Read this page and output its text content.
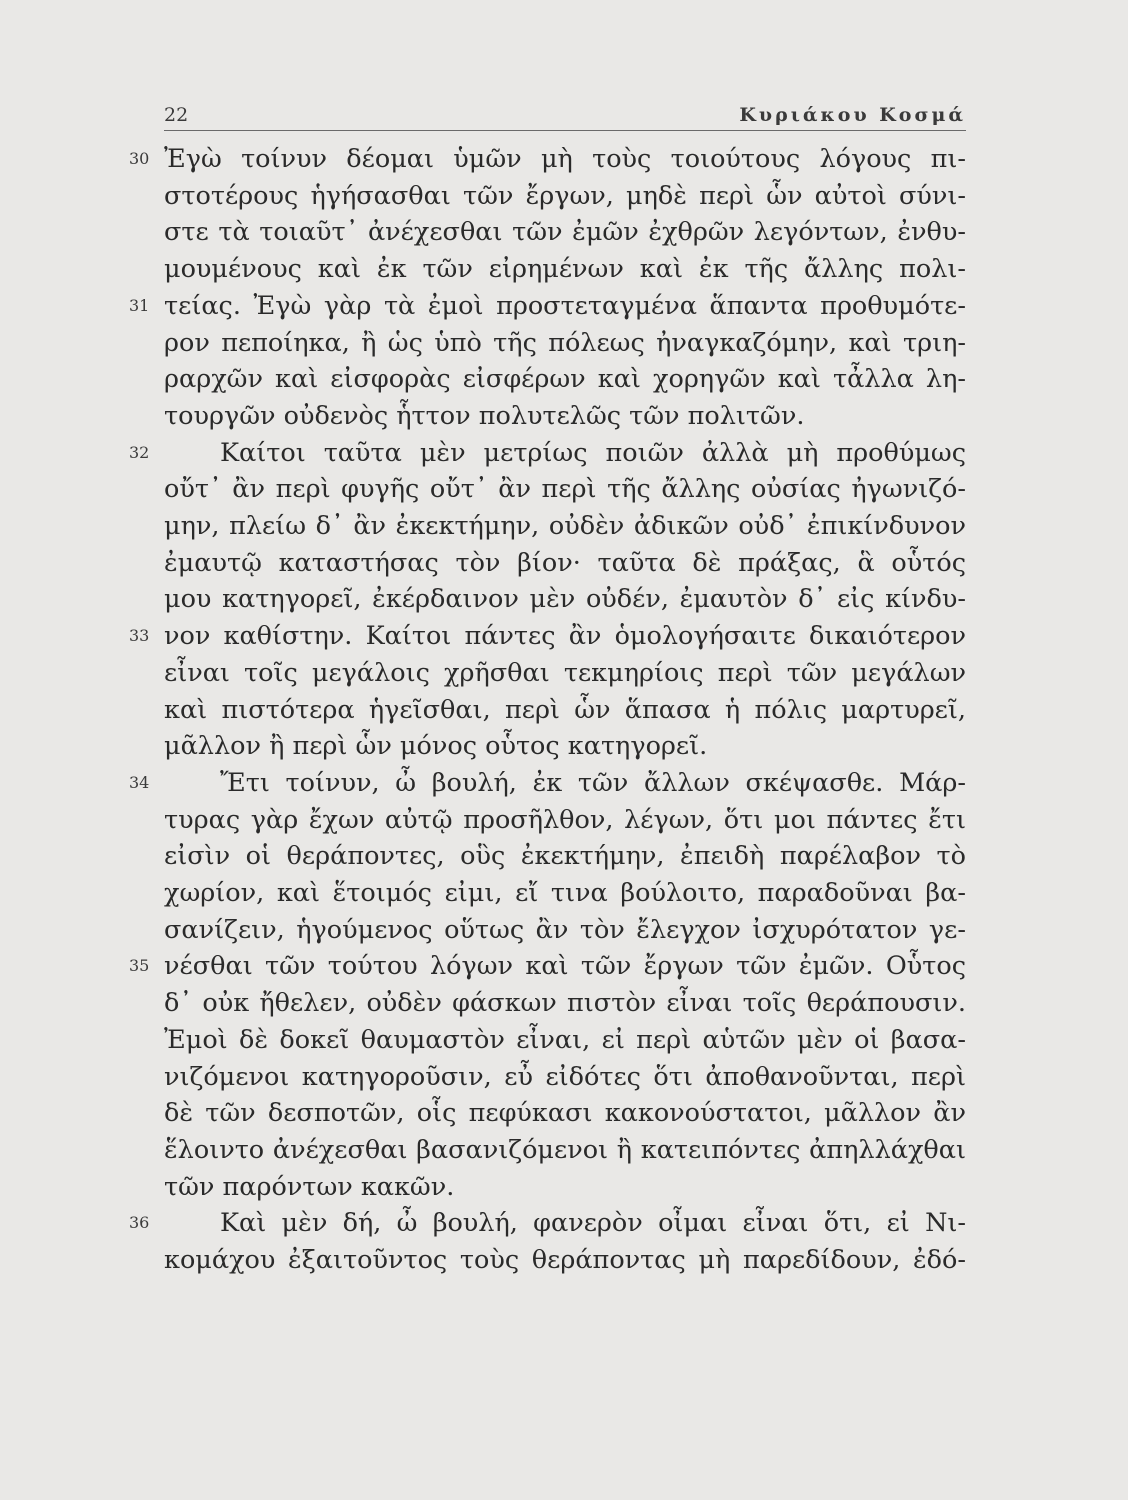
22	Κυριάκου Κοσμά
30 Ἐγὼ τοίνυν δέομαι ὑμῶν μὴ τοὺς τοιούτους λόγους πι-
στοτέρους ἡγήσασθαι τῶν ἔργων, μηδὲ περὶ ὧν αὐτοὶ σύνι-
στε τὰ τοιαῦτ᾽ ἀνέχεσθαι τῶν ἐμῶν ἐχθρῶν λεγόντων, ἐνθυ-
μουμένους καὶ ἐκ τῶν εἰρημένων καὶ ἐκ τῆς ἄλλης πολι-
31 τείας. Ἐγὼ γὰρ τὰ ἐμοὶ προστεταγμένα ἅπαντα προθυμότε-
ρον πεποίηκα, ἢ ὡς ὑπὸ τῆς πόλεως ἠναγκαζόμην, καὶ τριη-
ραρχῶν καὶ εἰσφορὰς εἰσφέρων καὶ χορηγῶν καὶ τἆλλα λη-
τουργῶν οὐδενὸς ἧττον πολυτελῶς τῶν πολιτῶν.
32	Καίτοι ταῦτα μὲν μετρίως ποιῶν ἀλλὰ μὴ προθύμως
οὔτ᾽ ἂν περὶ φυγῆς οὔτ᾽ ἂν περὶ τῆς ἄλλης οὐσίας ἠγωνιζό-
μην, πλείω δ᾽ ἂν ἐκεκτήμην, οὐδὲν ἀδικῶν οὐδ᾽ ἐπικίνδυνον
ἐμαυτῷ καταστήσας τὸν βίον· ταῦτα δὲ πράξας, ἃ οὗτός
μου κατηγορεῖ, ἐκέρδαινον μὲν οὐδέν, ἐμαυτὸν δ᾽ εἰς κίνδυ-
33 νον καθίστην. Καίτοι πάντες ἂν ὁμολογήσαιτε δικαιότερον
εἶναι τοῖς μεγάλοις χρῆσθαι τεκμηρίοις περὶ τῶν μεγάλων
καὶ πιστότερα ἡγεῖσθαι, περὶ ὧν ἅπασα ἡ πόλις μαρτυρεῖ,
μᾶλλον ἢ περὶ ὧν μόνος οὗτος κατηγορεῖ.
34	Ἔτι τοίνυν, ὦ βουλή, ἐκ τῶν ἄλλων σκέψασθε. Μάρ-
τυρας γὰρ ἔχων αὐτῷ προσῆλθον, λέγων, ὅτι μοι πάντες ἔτι
εἰσὶν οἱ θεράποντες, οὓς ἐκεκτήμην, ἐπειδὴ παρέλαβον τὸ
χωρίον, καὶ ἕτοιμός εἰμι, εἴ τινα βούλοιτο, παραδοῦναι βα-
σανίζειν, ἡγούμενος οὕτως ἂν τὸν ἔλεγχον ἰσχυρότατον γε-
35 νέσθαι τῶν τούτου λόγων καὶ τῶν ἔργων τῶν ἐμῶν. Οὗτος
δ᾽ οὐκ ἤθελεν, οὐδὲν φάσκων πιστὸν εἶναι τοῖς θεράπουσιν.
Ἐμοὶ δὲ δοκεῖ θαυμαστὸν εἶναι, εἰ περὶ αὑτῶν μὲν οἱ βασα-
νιζόμενοι κατηγοροῦσιν, εὖ εἰδότες ὅτι ἀποθανοῦνται, περὶ
δὲ τῶν δεσποτῶν, οἷς πεφύκασι κακονούστατοι, μᾶλλον ἂν
ἕλοιντο ἀνέχεσθαι βασανιζόμενοι ἢ κατειπόντες ἀπηλλάχθαι
τῶν παρόντων κακῶν.
36	Καὶ μὲν δή, ὦ βουλή, φανερὸν οἶμαι εἶναι ὅτι, εἰ Νι-
κομάχου ἐξαιτοῦντος τοὺς θεράποντας μὴ παρεδίδουν, ἐδό-
